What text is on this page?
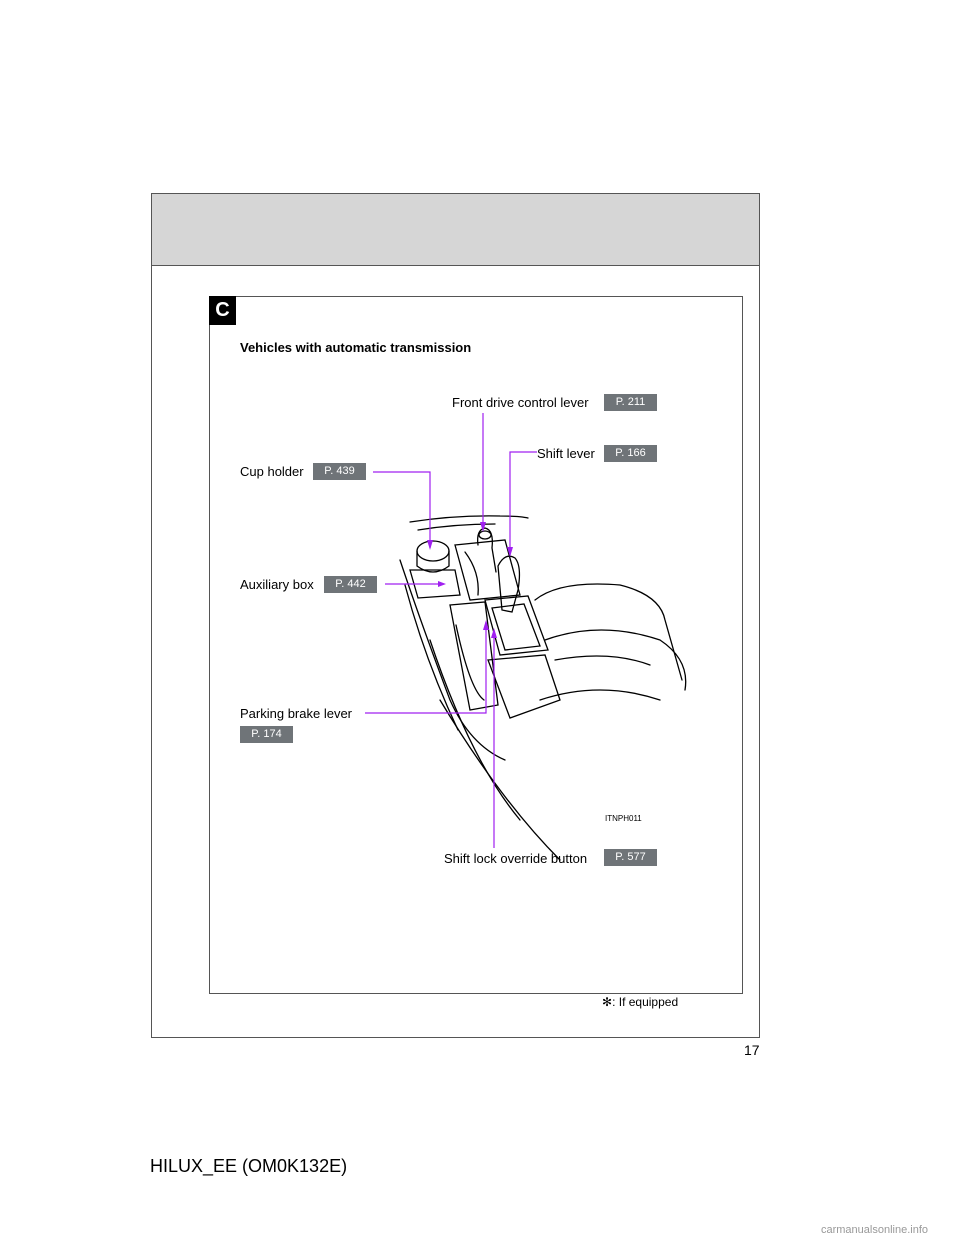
C
Vehicles with automatic transmission
Front drive control lever	P. 211
Shift lever	P. 166
Cup holder	P. 439
Auxiliary box	P. 442
Parking brake lever
P. 174
Shift lock override button	P. 577
ITNPH011
✻: If equipped
17
HILUX_EE (OM0K132E)
carmanualsonline.info
